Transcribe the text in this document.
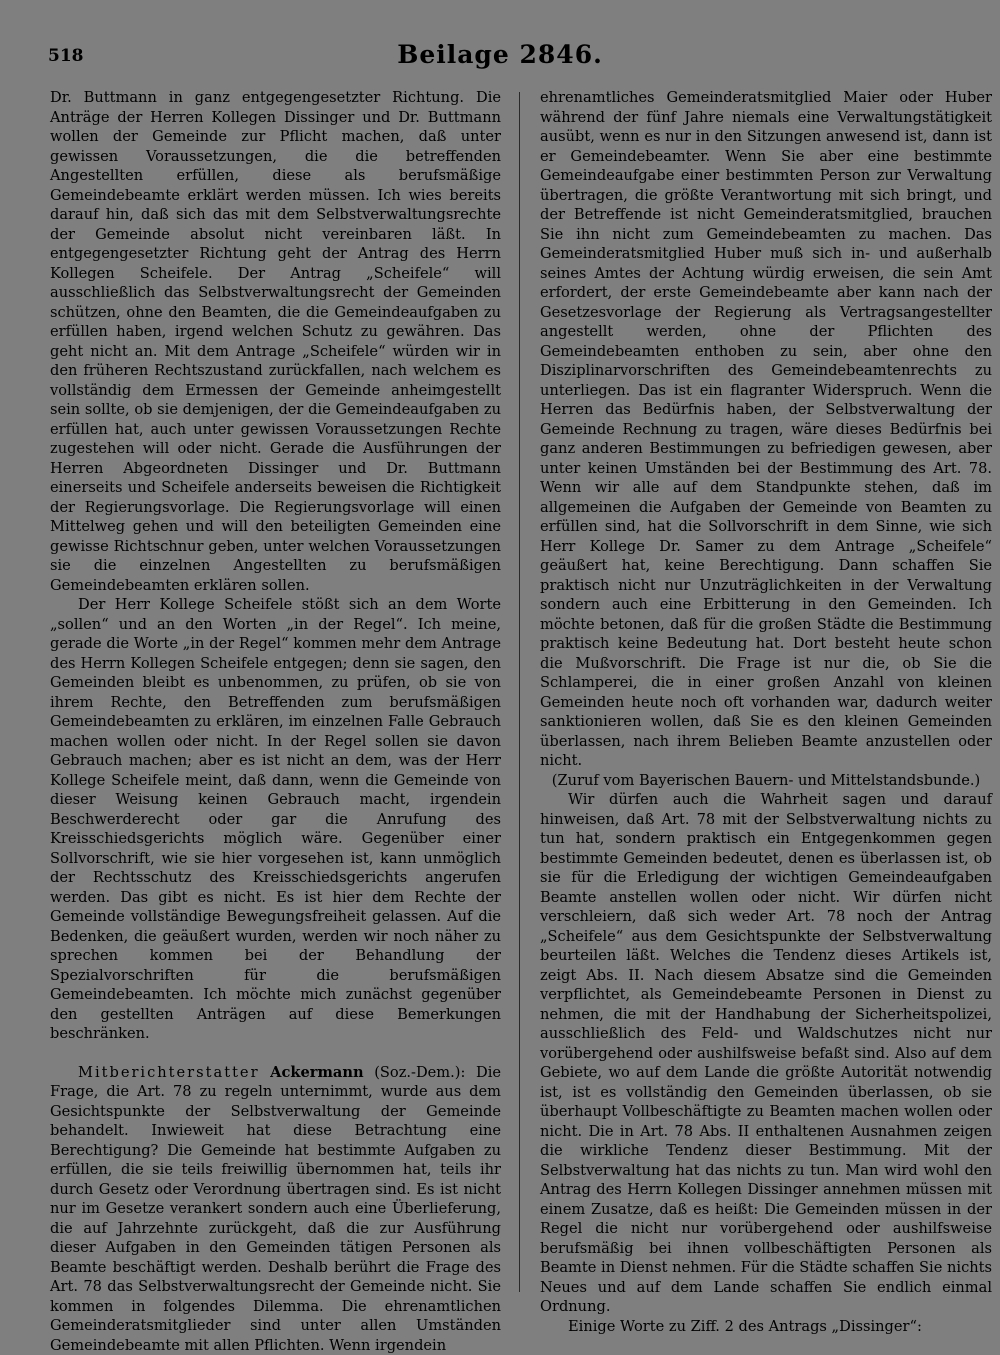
518	Beilage 2846.

Dr. Buttmann in ganz entgegengesetzter Richtung. Die Anträge der Herren Kollegen Dissinger und Dr. Buttmann wollen der Gemeinde zur Pflicht machen, daß unter gewissen Voraussetzungen, die die betreffenden Angestellten erfüllen, diese als berufsmäßige Gemeindebeamte erklärt werden müssen. Ich wies bereits darauf hin, daß sich das mit dem Selbstverwaltungsrechte der Gemeinde absolut nicht vereinbaren läßt. In entgegengesetzter Richtung geht der Antrag des Herrn Kollegen Scheifele. Der Antrag „Scheifele“ will ausschließlich das Selbstverwaltungsrecht der Gemeinden schützen, ohne den Beamten, die die Gemeindeaufgaben zu erfüllen haben, irgend welchen Schutz zu gewähren. Das geht nicht an. Mit dem Antrage „Scheifele“ würden wir in den früheren Rechtszustand zurückfallen, nach welchem es vollständig dem Ermessen der Gemeinde anheimgestellt sein sollte, ob sie demjenigen, der die Gemeindeaufgaben zu erfüllen hat, auch unter gewissen Voraussetzungen Rechte zugestehen will oder nicht. Gerade die Ausführungen der Herren Abgeordneten Dissinger und Dr. Buttmann einerseits und Scheifele anderseits beweisen die Richtigkeit der Regierungsvorlage. Die Regierungsvorlage will einen Mittelweg gehen und will den beteiligten Gemeinden eine gewisse Richtschnur geben, unter welchen Voraussetzungen sie die einzelnen Angestellten zu berufsmäßigen Gemeindebeamten erklären sollen.

Der Herr Kollege Scheifele stößt sich an dem Worte „sollen“ und an den Worten „in der Regel“. Ich meine, gerade die Worte „in der Regel“ kommen mehr dem Antrage des Herrn Kollegen Scheifele entgegen; denn sie sagen, den Gemeinden bleibt es unbenommen, zu prüfen, ob sie von ihrem Rechte, den Betreffenden zum berufsmäßigen Gemeindebeamten zu erklären, im einzelnen Falle Gebrauch machen wollen oder nicht. In der Regel sollen sie davon Gebrauch machen; aber es ist nicht an dem, was der Herr Kollege Scheifele meint, daß dann, wenn die Gemeinde von dieser Weisung keinen Gebrauch macht, irgendein Beschwerderecht oder gar die Anrufung des Kreisschiedsgerichts möglich wäre. Gegenüber einer Sollvorschrift, wie sie hier vorgesehen ist, kann unmöglich der Rechtsschutz des Kreisschiedsgerichts angerufen werden. Das gibt es nicht. Es ist hier dem Rechte der Gemeinde vollständige Bewegungsfreiheit gelassen. Auf die Bedenken, die geäußert wurden, werden wir noch näher zu sprechen kommen bei der Behandlung der Spezialvorschriften für die berufsmäßigen Gemeindebeamten. Ich möchte mich zunächst gegenüber den gestellten Anträgen auf diese Bemerkungen beschränken.

Mitberichterstatter Ackermann (Soz.-Dem.): Die Frage, die Art. 78 zu regeln unternimmt, wurde aus dem Gesichtspunkte der Selbstverwaltung der Gemeinde behandelt. Inwieweit hat diese Betrachtung eine Berechtigung? Die Gemeinde hat bestimmte Aufgaben zu erfüllen, die sie teils freiwillig übernommen hat, teils ihr durch Gesetz oder Verordnung übertragen sind. Es ist nicht nur im Gesetze verankert sondern auch eine Überlieferung, die auf Jahrzehnte zurückgeht, daß die zur Ausführung dieser Aufgaben in den Gemeinden tätigen Personen als Beamte beschäftigt werden. Deshalb berührt die Frage des Art. 78 das Selbstverwaltungsrecht der Gemeinde nicht. Sie kommen in folgendes Dilemma. Die ehrenamtlichen Gemeinderatsmitglieder sind unter allen Umständen Gemeindebeamte mit allen Pflichten. Wenn irgendein

ehrenamtliches Gemeinderatsmitglied Maier oder Huber während der fünf Jahre niemals eine Verwaltungstätigkeit ausübt, wenn es nur in den Sitzungen anwesend ist, dann ist er Gemeindebeamter. Wenn Sie aber eine bestimmte Gemeindeaufgabe einer bestimmten Person zur Verwaltung übertragen, die größte Verantwortung mit sich bringt, und der Betreffende ist nicht Gemeinderatsmitglied, brauchen Sie ihn nicht zum Gemeindebeamten zu machen. Das Gemeinderatsmitglied Huber muß sich in- und außerhalb seines Amtes der Achtung würdig erweisen, die sein Amt erfordert, der erste Gemeindebeamte aber kann nach der Gesetzesvorlage der Regierung als Vertragsangestellter angestellt werden, ohne der Pflichten des Gemeindebeamten enthoben zu sein, aber ohne den Disziplinarvorschriften des Gemeindebeamtenrechts zu unterliegen. Das ist ein flagranter Widerspruch. Wenn die Herren das Bedürfnis haben, der Selbstverwaltung der Gemeinde Rechnung zu tragen, wäre dieses Bedürfnis bei ganz anderen Bestimmungen zu befriedigen gewesen, aber unter keinen Umständen bei der Bestimmung des Art. 78. Wenn wir alle auf dem Standpunkte stehen, daß im allgemeinen die Aufgaben der Gemeinde von Beamten zu erfüllen sind, hat die Sollvorschrift in dem Sinne, wie sich Herr Kollege Dr. Samer zu dem Antrage „Scheifele“ geäußert hat, keine Berechtigung. Dann schaffen Sie praktisch nicht nur Unzuträglichkeiten in der Verwaltung sondern auch eine Erbitterung in den Gemeinden. Ich möchte betonen, daß für die großen Städte die Bestimmung praktisch keine Bedeutung hat. Dort besteht heute schon die Mußvorschrift. Die Frage ist nur die, ob Sie die Schlamperei, die in einer großen Anzahl von kleinen Gemeinden heute noch oft vorhanden war, dadurch weiter sanktionieren wollen, daß Sie es den kleinen Gemeinden überlassen, nach ihrem Belieben Beamte anzustellen oder nicht.

(Zuruf vom Bayerischen Bauern- und Mittelstandsbunde.)

Wir dürfen auch die Wahrheit sagen und darauf hinweisen, daß Art. 78 mit der Selbstverwaltung nichts zu tun hat, sondern praktisch ein Entgegenkommen gegen bestimmte Gemeinden bedeutet, denen es überlassen ist, ob sie für die Erledigung der wichtigen Gemeindeaufgaben Beamte anstellen wollen oder nicht. Wir dürfen nicht verschleiern, daß sich weder Art. 78 noch der Antrag „Scheifele“ aus dem Gesichtspunkte der Selbstverwaltung beurteilen läßt. Welches die Tendenz dieses Artikels ist, zeigt Abs. II. Nach diesem Absatze sind die Gemeinden verpflichtet, als Gemeindebeamte Personen in Dienst zu nehmen, die mit der Handhabung der Sicherheitspolizei, ausschließlich des Feld- und Waldschutzes nicht nur vorübergehend oder aushilfsweise befaßt sind. Also auf dem Gebiete, wo auf dem Lande die größte Autorität notwendig ist, ist es vollständig den Gemeinden überlassen, ob sie überhaupt Vollbeschäftigte zu Beamten machen wollen oder nicht. Die in Art. 78 Abs. II enthaltenen Ausnahmen zeigen die wirkliche Tendenz dieser Bestimmung. Mit der Selbstverwaltung hat das nichts zu tun. Man wird wohl den Antrag des Herrn Kollegen Dissinger annehmen müssen mit einem Zusatze, daß es heißt: Die Gemeinden müssen in der Regel die nicht nur vorübergehend oder aushilfsweise berufsmäßig bei ihnen vollbeschäftigten Personen als Beamte in Dienst nehmen. Für die Städte schaffen Sie nichts Neues und auf dem Lande schaffen Sie endlich einmal Ordnung.

Einige Worte zu Ziff. 2 des Antrags „Dissinger“:
